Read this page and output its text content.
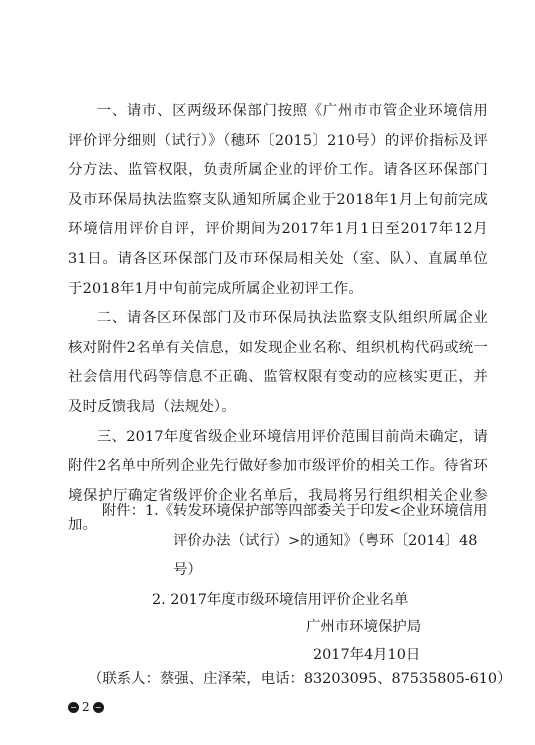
一、请市、区两级环保部门按照《广州市市管企业环境信用评价评分细则（试行）》（穗环〔2015〕210号）的评价指标及评分方法、监管权限，负责所属企业的评价工作。请各区环保部门及市环保局执法监察支队通知所属企业于2018年1月上旬前完成环境信用评价自评，评价期间为2017年1月1日至2017年12月31日。请各区环保部门及市环保局相关处（室、队）、直属单位于2018年1月中旬前完成所属企业初评工作。

二、请各区环保部门及市环保局执法监察支队组织所属企业核对附件2名单有关信息，如发现企业名称、组织机构代码或统一社会信用代码等信息不正确、监管权限有变动的应核实更正，并及时反馈我局（法规处）。

三、2017年度省级企业环境信用评价范围目前尚未确定，请附件2名单中所列企业先行做好参加市级评价的相关工作。待省环境保护厅确定省级评价企业名单后，我局将另行组织相关企业参加。

附件： 1.《转发环境保护部等四部委关于印发<企业环境信用
评价办法（试行）>的通知》（粤环〔2014〕48号）
2. 2017年度市级环境信用评价企业名单
广州市环境保护局
2017年4月10日
（联系人：蔡强、庄泽荣，电话：83203095、87535805-610）
− 2 −
